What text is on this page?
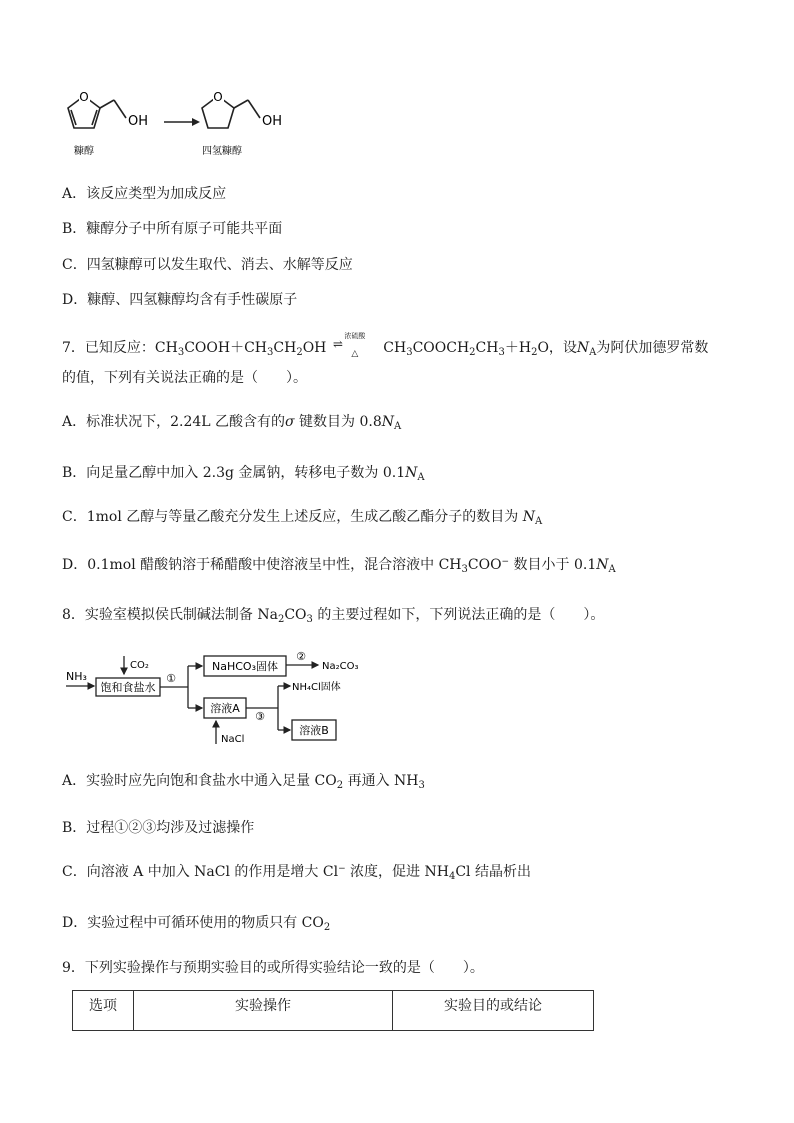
O
OH
糠醇
O
OH
四氢糠醇
A．该反应类型为加成反应
B．糠醇分子中所有原子可能共平面
C．四氢糠醇可以发生取代、消去、水解等反应
D．糠醇、四氢糠醇均含有手性碳原子
7．已知反应：$CH_3COOH+CH_3CH_2OH$
浓硫酸
⇌
△	$CH_3COOCH_2CH_3+H_2O$，设$N_A$为阿伏加德罗常数
的值，下列有关说法正确的是（　　）。
A．标准状况下，2.24L 乙酸含有的σ 键数目为 $0.8N_A$
B．向足量乙醇中加入 2.3g 金属钠，转移电子数为 $0.1N_A$
C．1mol 乙醇与等量乙酸充分发生上述反应，生成乙酸乙酯分子的数目为 $N_A$
D．0.1mol 醋酸钠溶于稀醋酸中使溶液呈中性，混合溶液中 $CH_3COO^-$ 数目小于 $0.1N_A$
8．实验室模拟侯氏制碱法制备 $Na_2CO_3$ 的主要过程如下，下列说法正确的是（　　）。
NH₃
CO₂
饱和食盐水
①
NaHCO₃固体
②
Na₂CO₃
溶液A
NaCl
③
NH₄Cl固体
溶液B
A．实验时应先向饱和食盐水中通入足量 $CO_2$ 再通入 $NH_3$
B．过程①②③均涉及过滤操作
C．向溶液 A 中加入 NaCl 的作用是增大 Cl− 浓度，促进 $NH_4Cl$ 结晶析出
D．实验过程中可循环使用的物质只有 $CO_2$
9．下列实验操作与预期实验目的或所得实验结论一致的是（　　）。
选项	实验操作	实验目的或结论
